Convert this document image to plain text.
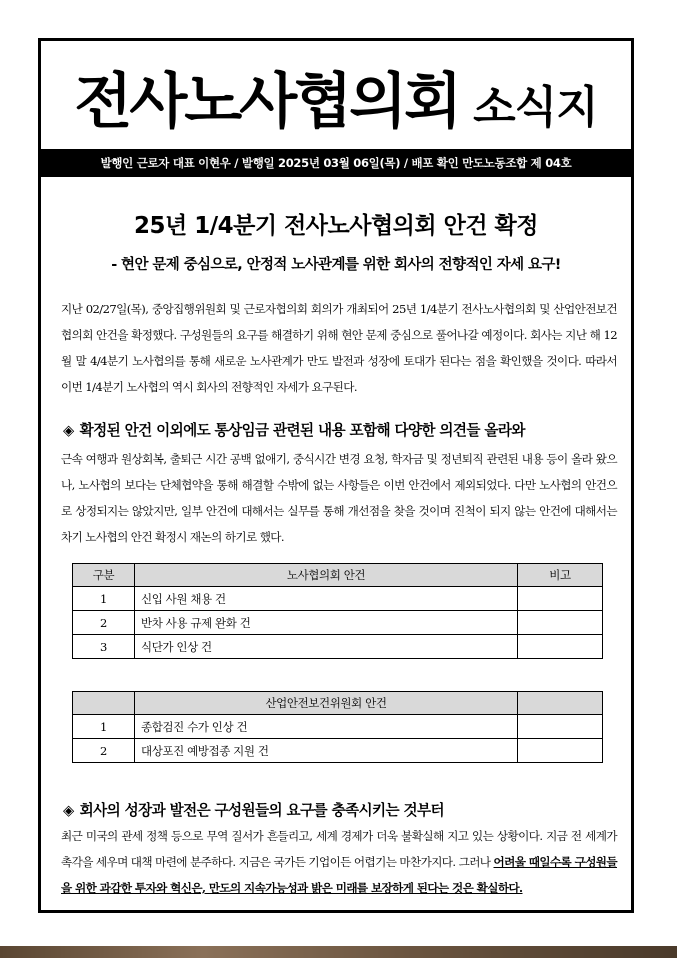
전사노사협의회 소식지
발행인 근로자 대표 이현우 / 발행일 2025년 03월 06일(목) / 배포 확인 만도노동조합 제 04호
25년 1/4분기 전사노사협의회 안건 확정
- 현안 문제 중심으로, 안정적 노사관계를 위한 회사의 전향적인 자세 요구!
지난 02/27일(목), 중앙집행위원회 및 근로자협의회 회의가 개최되어 25년 1/4분기 전사노사협의회 및 산업안전보건협의회 안건을 확정했다. 구성원들의 요구를 해결하기 위해 현안 문제 중심으로 풀어나갈 예정이다. 회사는 지난 해 12월 말 4/4분기 노사협의를 통해 새로운 노사관계가 만도 발전과 성장에 토대가 된다는 점을 확인했을 것이다. 따라서 이번 1/4분기 노사협의 역시 회사의 전향적인 자세가 요구된다.
◈ 확정된 안건 이외에도 통상임금 관련된 내용 포함해 다양한 의견들 올라와
근속 여행과 원상회복, 출퇴근 시간 공백 없애기, 중식시간 변경 요청, 학자금 및 정년퇴직 관련된 내용 등이 올라 왔으나, 노사협의 보다는 단체협약을 통해 해결할 수밖에 없는 사항들은 이번 안건에서 제외되었다. 다만 노사협의 안건으로 상정되지는 않았지만, 일부 안건에 대해서는 실무를 통해 개선점을 찾을 것이며 진척이 되지 않는 안건에 대해서는 차기 노사협의 안건 확정시 재논의 하기로 했다.
구분	노사협의회 안건	비고
1	신입 사원 채용 건	
2	반차 사용 규제 완화 건	
3	식단가 인상 건	
	산업안전보건위원회 안건	
1	종합검진 수가 인상 건	
2	대상포진 예방접종 지원 건	
◈ 회사의 성장과 발전은 구성원들의 요구를 충족시키는 것부터
최근 미국의 관세 정책 등으로 무역 질서가 흔들리고, 세계 경제가 더욱 불확실해 지고 있는 상황이다. 지금 전 세계가 촉각을 세우며 대책 마련에 분주하다. 지금은 국가든 기업이든 어렵기는 마찬가지다. 그러나 어려울 때일수록 구성원들을 위한 과감한 투자와 혁신은, 만도의 지속가능성과 밝은 미래를 보장하게 된다는 것은 확실하다.
